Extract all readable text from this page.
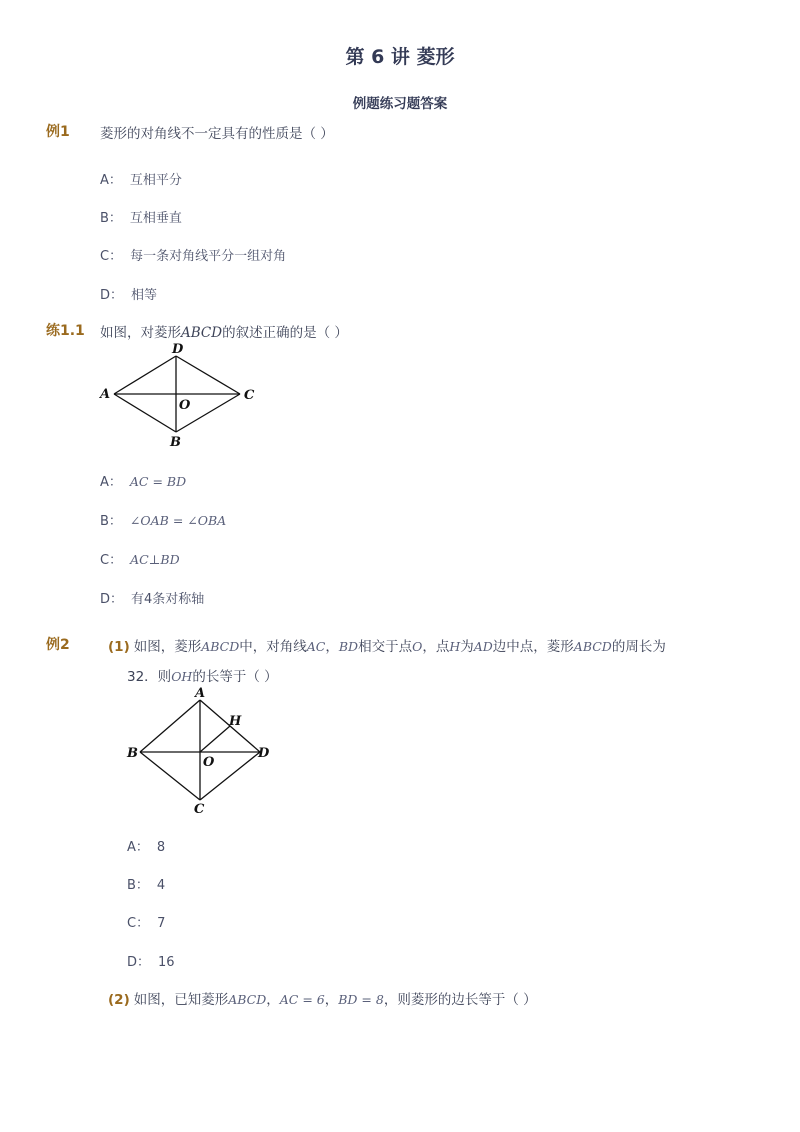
第 6 讲 菱形
例题练习题答案
例1 菱形的对角线不一定具有的性质是（ ）
A： 互相平分
B： 互相垂直
C： 每一条对角线平分一组对角
D： 相等
练1.1 如图，对菱形ABCD的叙述正确的是（ ）
D
A	C
B
O
A： AC = BD
B： ∠OAB = ∠OBA
C： AC⊥BD
D： 有4条对称轴
例2	(1) 如图，菱形ABCD中，对角线AC，BD相交于点O，点H为AD边中点，菱形ABCD的周长为
32．则OH的长等于（ ）
A
B	D
C
O
H
A： 8
B： 4
C： 7
D： 16
(2) 如图，已知菱形ABCD，AC = 6，BD = 8，则菱形的边长等于（ ）
